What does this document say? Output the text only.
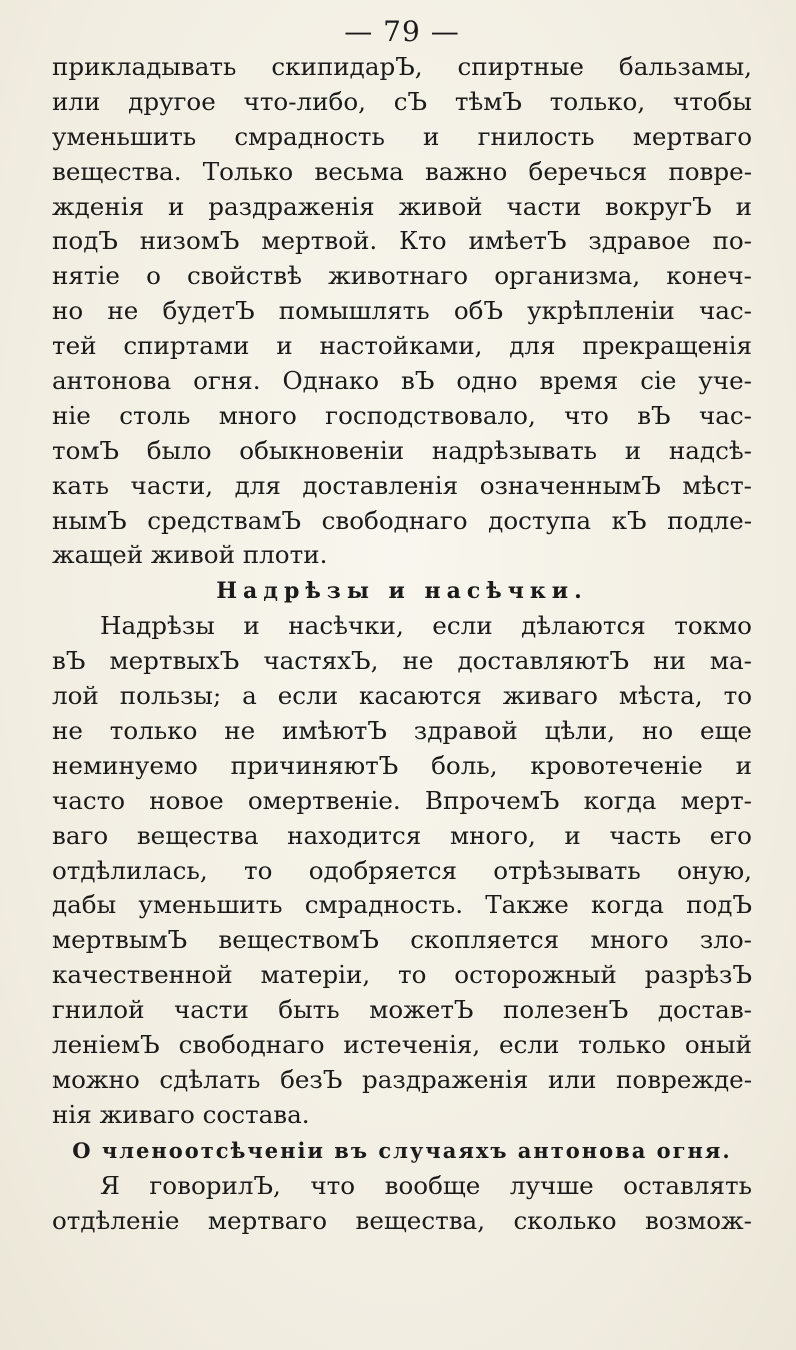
— 79 —
прикладывать скипидарЪ, спиртные бальзамы,
или другое что-либо, сЪ тѣмЪ только, чтобы
уменьшить смрадность и гнилость мертваго
вещества. Только весьма важно беречься повре-
жденія и раздраженія живой части вокругЪ и
подЪ низомЪ мертвой. Кто имѣетЪ здравое по-
нятіе о свойствѣ животнаго организма, конеч-
но не будетЪ помышлять обЪ укрѣпленіи час-
тей спиртами и настойками, для прекращенія
антонова огня. Однако вЪ одно время сіе уче-
ніе столь много господствовало, что вЪ час-
томЪ было обыкновеніи надрѣзывать и надсѣ-
кать части, для доставленія означеннымЪ мѣст-
нымЪ средствамЪ свободнаго доступа кЪ подле-
жащей живой плоти.
Надрѣзы и насѣчки.
Надрѣзы и насѣчки, если дѣлаются токмо
вЪ мертвыхЪ частяхЪ, не доставляютЪ ни ма-
лой пользы; а если касаются живаго мѣста, то
не только не имѣютЪ здравой цѣли, но еще
неминуемо причиняютЪ боль, кровотеченіе и
часто новое омертвеніе. ВпрочемЪ когда мерт-
ваго вещества находится много, и часть его
отдѣлилась, то одобряется отрѣзывать оную,
дабы уменьшить смрадность. Также когда подЪ
мертвымЪ веществомЪ скопляется много зло-
качественной матеріи, то осторожный разрѣзЪ
гнилой части быть можетЪ полезенЪ достав-
леніемЪ свободнаго истеченія, если только оный
можно сдѣлать безЪ раздраженія или поврежде-
нія живаго состава.
О членоотсѣченіи въ случаяхъ антонова огня.
Я говорилЪ, что вообще лучше оставлять
отдѣленіе мертваго вещества, сколько возмож-
